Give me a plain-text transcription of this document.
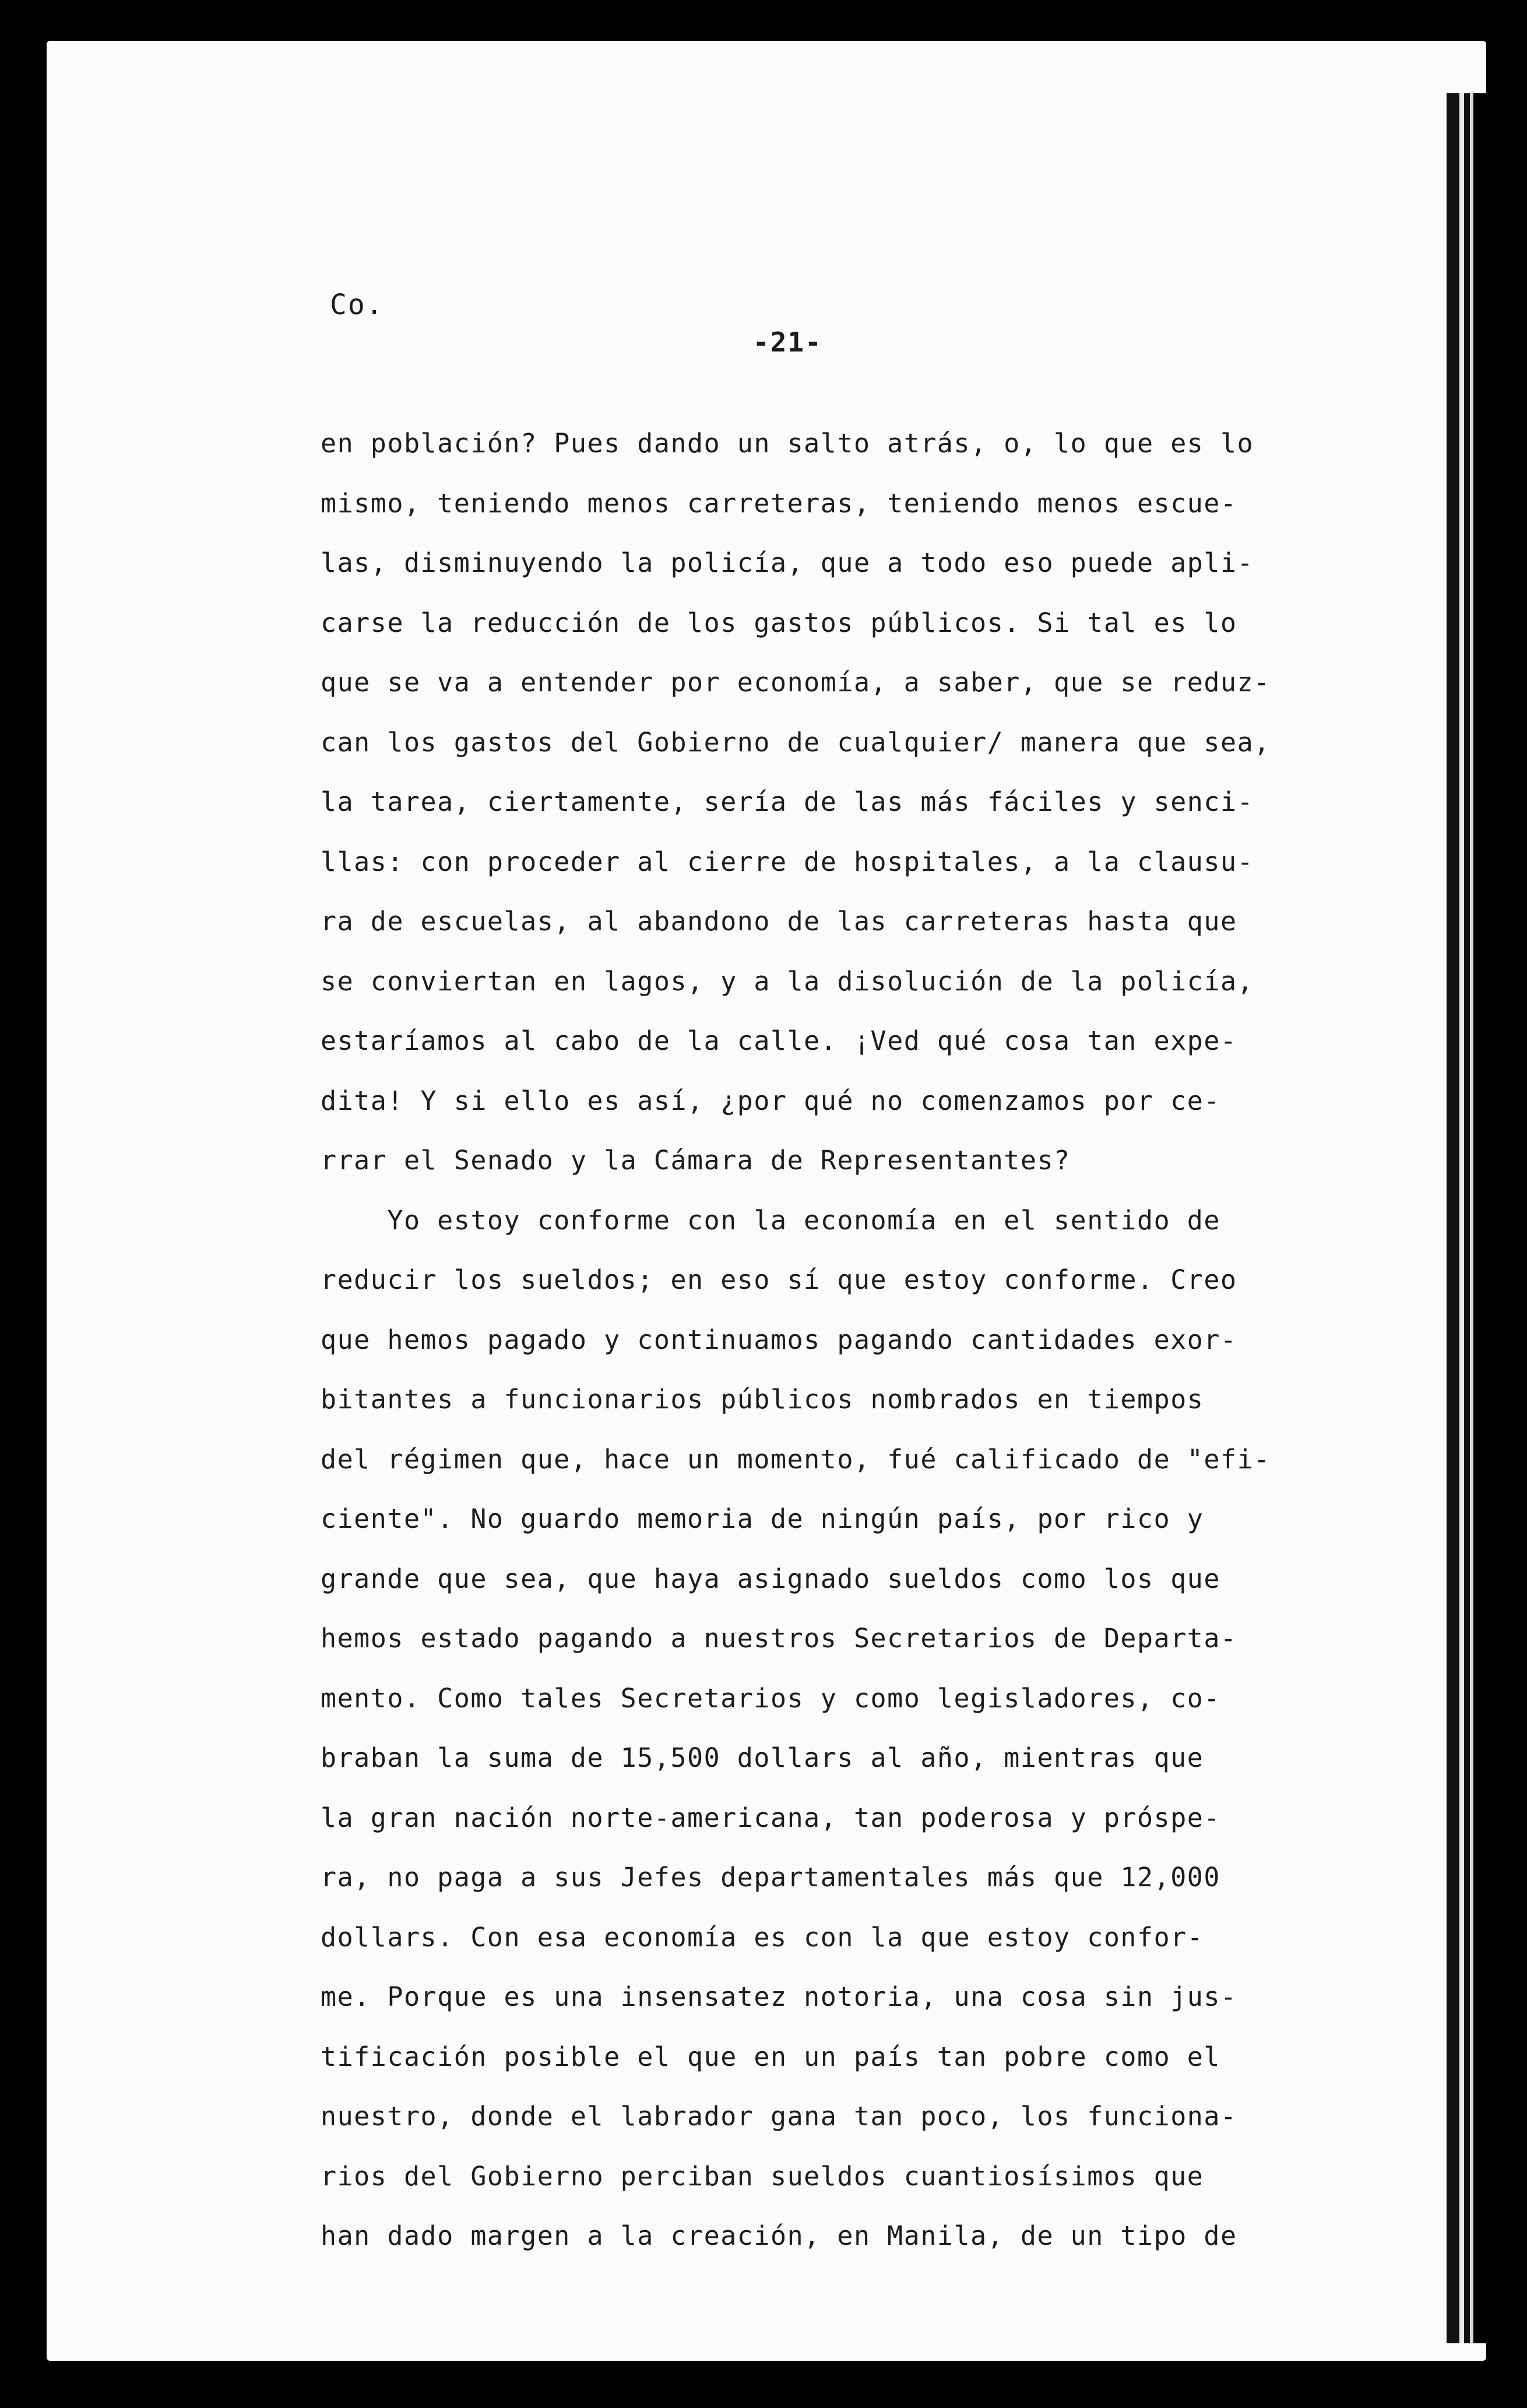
Co.
-21-
en población? Pues dando un salto atrás, o, lo que es lo
mismo, teniendo menos carreteras, teniendo menos escue-
las, disminuyendo la policía, que a todo eso puede apli-
carse la reducción de los gastos públicos. Si tal es lo
que se va a entender por economía, a saber, que se reduz-
can los gastos del Gobierno de cualquier/ manera que sea,
la tarea, ciertamente, sería de las más fáciles y senci-
llas: con proceder al cierre de hospitales, a la clausu-
ra de escuelas, al abandono de las carreteras hasta que
se conviertan en lagos, y a la disolución de la policía,
estaríamos al cabo de la calle. ¡Ved qué cosa tan expe-
dita! Y si ello es así, ¿por qué no comenzamos por ce-
rrar el Senado y la Cámara de Representantes?
Yo estoy conforme con la economía en el sentido de
reducir los sueldos; en eso sí que estoy conforme. Creo
que hemos pagado y continuamos pagando cantidades exor-
bitantes a funcionarios públicos nombrados en tiempos
del régimen que, hace un momento, fué calificado de "efi-
ciente". No guardo memoria de ningún país, por rico y
grande que sea, que haya asignado sueldos como los que
hemos estado pagando a nuestros Secretarios de Departa-
mento. Como tales Secretarios y como legisladores, co-
braban la suma de 15,500 dollars al año, mientras que
la gran nación norte-americana, tan poderosa y próspe-
ra, no paga a sus Jefes departamentales más que 12,000
dollars. Con esa economía es con la que estoy confor-
me. Porque es una insensatez notoria, una cosa sin jus-
tificación posible el que en un país tan pobre como el
nuestro, donde el labrador gana tan poco, los funciona-
rios del Gobierno perciban sueldos cuantiosísimos que
han dado margen a la creación, en Manila, de un tipo de
